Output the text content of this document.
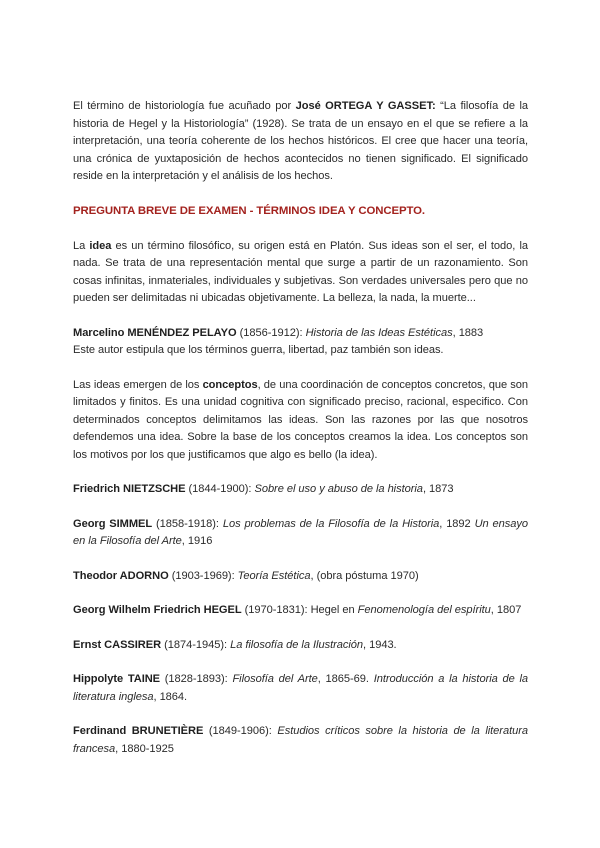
El término de historiología fue acuñado por José ORTEGA Y GASSET: “La filosofía de la historia de Hegel y la Historiología” (1928). Se trata de un ensayo en el que se refiere a la interpretación, una teoría coherente de los hechos históricos. El cree que hacer una teoría, una crónica de yuxtaposición de hechos acontecidos no tienen significado. El significado reside en la interpretación y el análisis de los hechos.

PREGUNTA BREVE DE EXAMEN - TÉRMINOS IDEA Y CONCEPTO.

La idea es un término filosófico, su origen está en Platón. Sus ideas son el ser, el todo, la nada. Se trata de una representación mental que surge a partir de un razonamiento. Son cosas infinitas, inmateriales, individuales y subjetivas. Son verdades universales pero que no pueden ser delimitadas ni ubicadas objetivamente. La belleza, la nada, la muerte...

Marcelino MENÉNDEZ PELAYO (1856-1912): Historia de las Ideas Estéticas, 1883
Este autor estipula que los términos guerra, libertad, paz también son ideas.

Las ideas emergen de los conceptos, de una coordinación de conceptos concretos, que son limitados y finitos. Es una unidad cognitiva con significado preciso, racional, especifico. Con determinados conceptos delimitamos las ideas. Son las razones por las que nosotros defendemos una idea. Sobre la base de los conceptos creamos la idea. Los conceptos son los motivos por los que justificamos que algo es bello (la idea).

Friedrich NIETZSCHE (1844-1900): Sobre el uso y abuso de la historia, 1873

Georg SIMMEL (1858-1918): Los problemas de la Filosofía de la Historia, 1892 Un ensayo en la Filosofía del Arte, 1916

Theodor ADORNO (1903-1969): Teoría Estética, (obra póstuma 1970)

Georg Wilhelm Friedrich HEGEL (1970-1831): Hegel en Fenomenología del espíritu, 1807

Ernst CASSIRER (1874-1945): La filosofía de la Ilustración, 1943.

Hippolyte TAINE (1828-1893): Filosofía del Arte, 1865-69. Introducción a la historia de la literatura inglesa, 1864.

Ferdinand BRUNETIÈRE (1849-1906): Estudios críticos sobre la historia de la literatura francesa, 1880-1925
